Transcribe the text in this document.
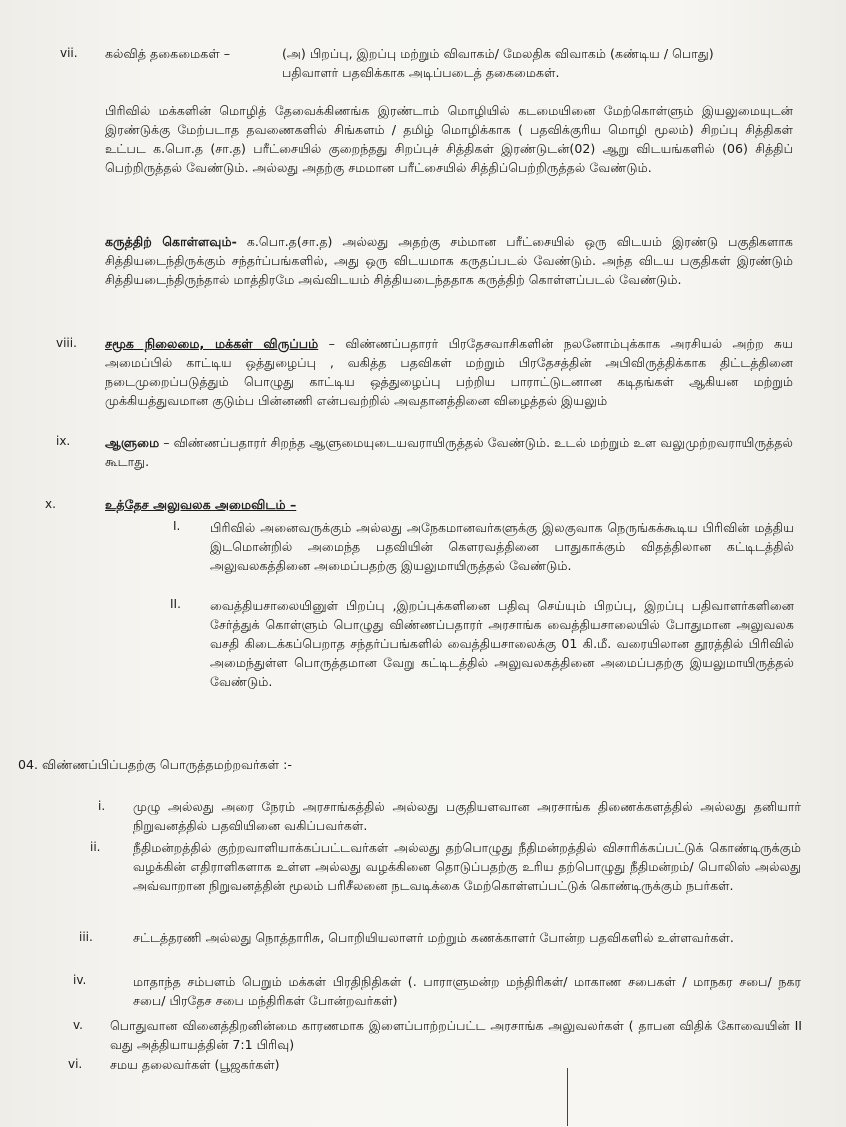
vii. கல்வித் தகைமைகள் –	(அ) பிறப்பு, இறப்பு மற்றும் விவாகம்/ மேலதிக விவாகம் (கண்டிய / பொது)
பதிவாளர் பதவிக்காக அடிப்படைத் தகைமைகள்.

பிரிவில் மக்களின் மொழித் தேவைக்கிணங்க இரண்டாம் மொழியில் கடமையினை மேற்கொள்ளும் இயலுமையுடன் இரண்டுக்கு மேற்படாத தவணைகளில் சிங்களம் / தமிழ் மொழிக்காக ( பதவிக்குரிய மொழி மூலம்) சிறப்பு சித்திகள் உட்பட க.பொ.த (சா.த) பரீட்சையில் குறைந்தது சிறப்புச் சித்திகள் இரண்டுடன்(02) ஆறு விடயங்களில் (06) சித்திப் பெற்றிருத்தல் வேண்டும். அல்லது அதற்கு சமமான பரீட்சையில் சித்திப்பெற்றிருத்தல் வேண்டும்.

கருத்திற் கொள்ளவும்- க.பொ.த(சா.த) அல்லது அதற்கு சம்மான பரீட்சையில் ஒரு விடயம் இரண்டு பகுதிகளாக சித்தியடைந்திருக்கும் சந்தர்ப்பங்களில், அது ஒரு விடயமாக கருதப்படல் வேண்டும். அந்த விடய பகுதிகள் இரண்டும் சித்தியடைந்திருந்தால் மாத்திரமே அவ்விடயம் சித்தியடைந்ததாக கருத்திற் கொள்ளப்படல் வேண்டும்.

viii. சமூக நிலைமை, மக்கள் விருப்பம் – விண்ணப்பதாரர் பிரதேசவாசிகளின் நலனோம்புக்காக அரசியல் அற்ற சுய அமைப்பில் காட்டிய ஒத்துழைப்பு , வகித்த பதவிகள் மற்றும் பிரதேசத்தின் அபிவிருத்திக்காக திட்டத்தினை நடைமுறைப்படுத்தும் பொழுது காட்டிய ஒத்துழைப்பு பற்றிய பாராட்டுடனான கடிதங்கள் ஆகியன மற்றும் முக்கியத்துவமான குடும்ப பின்னணி என்பவற்றில் அவதானத்தினை விழைத்தல் இயலும்

ix.	ஆளுமை – விண்ணப்பதாரர் சிறந்த ஆளுமையுடையவராயிருத்தல் வேண்டும். உடல் மற்றும் உள வலுமுற்றவராயிருத்தல் கூடாது.

x.	உத்தேச அலுவலக அமைவிடம் –
I. பிரிவில் அனைவருக்கும் அல்லது அநேகமானவர்களுக்கு இலகுவாக நெருங்கக்கூடிய பிரிவின் மத்திய இடமொன்றில் அமைந்த பதவியின் கௌரவத்தினை பாதுகாக்கும் விதத்திலான கட்டிடத்தில் அலுவலகத்தினை அமைப்பதற்கு இயலுமாயிருத்தல் வேண்டும்.

II. வைத்தியசாலையினுள் பிறப்பு ,இறப்புக்களினை பதிவு செய்யும் பிறப்பு, இறப்பு பதிவாளர்களினை சேர்த்துக் கொள்ளும் பொழுது விண்ணப்பதாரர் அரசாங்க வைத்தியசாலையில் போதுமான அலுவலக வசதி கிடைக்கப்பெறாத சந்தர்ப்பங்களில் வைத்தியசாலைக்கு 01 கி.மீ. வரையிலான தூரத்தில் பிரிவில் அமைந்துள்ள பொருத்தமான வேறு கட்டிடத்தில் அலுவலகத்தினை அமைப்பதற்கு இயலுமாயிருத்தல் வேண்டும்.

04. விண்ணப்பிப்பதற்கு பொருத்தமற்றவர்கள் :-
i. முழு அல்லது அரை நேரம் அரசாங்கத்தில் அல்லது பகுதியளவான அரசாங்க திணைக்களத்தில் அல்லது தனியார் நிறுவனத்தில் பதவியினை வகிப்பவர்கள்.

ii.	நீதிமன்றத்தில் குற்றவாளியாக்கப்பட்டவர்கள் அல்லது தற்பொழுது நீதிமன்றத்தில் விசாரிக்கப்பட்டுக் கொண்டிருக்கும் வழக்கின் எதிராளிகளாக உள்ள அல்லது வழக்கினை தொடுப்பதற்கு உரிய தற்பொழுது நீதிமன்றம்/ பொலிஸ் அல்லது அவ்வாறான நிறுவனத்தின் மூலம் பரிசீலனை நடவடிக்கை மேற்கொள்ளப்பட்டுக் கொண்டிருக்கும் நபர்கள்.

iii.	சட்டத்தரணி அல்லது நொத்தாரிசு, பொறியியலாளர் மற்றும் கணக்காளர் போன்ற பதவிகளில் உள்ளவர்கள்.

iv.	மாதாந்த சம்பளம் பெறும் மக்கள் பிரதிநிதிகள் (. பாராளுமன்ற மந்திரிகள்/ மாகாண சபைகள் / மாநகர சபை/ நகர சபை/ பிரதேச சபை மந்திரிகள் போன்றவர்கள்)

v. பொதுவான வினைத்திறனின்மை காரணமாக இளைப்பாற்றப்பட்ட அரசாங்க அலுவலர்கள் ( தாபன விதிக் கோவையின் II வது அத்தியாயத்தின் 7:1 பிரிவு)

vi. சமய தலைவர்கள் (பூஜகர்கள்)
